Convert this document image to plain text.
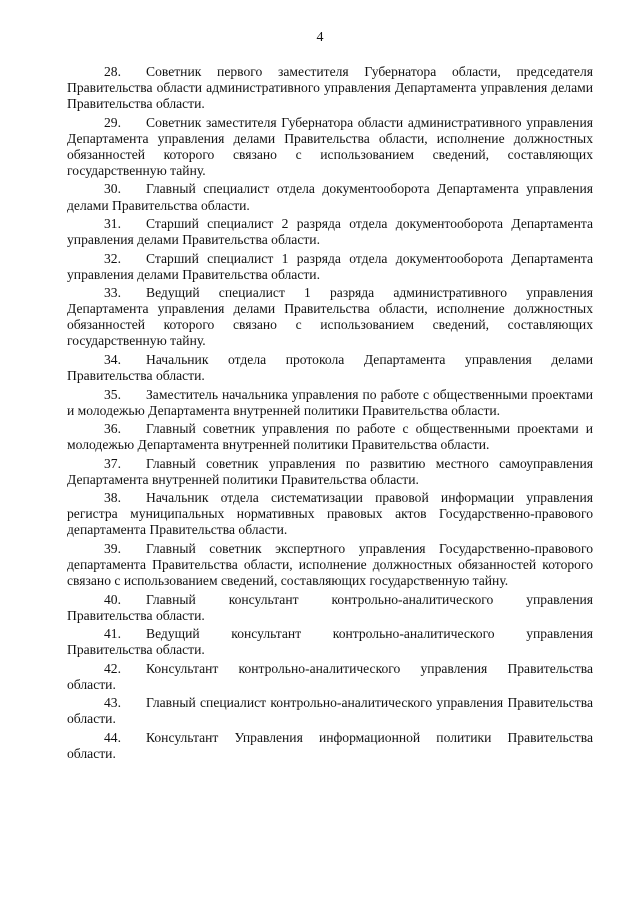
4

28. Советник первого заместителя Губернатора области, председателя Правительства области административного управления Департамента управления делами Правительства области.

29. Советник заместителя Губернатора области административного управления Департамента управления делами Правительства области, исполнение должностных обязанностей которого связано с использованием сведений, составляющих государственную тайну.

30. Главный специалист отдела документооборота Департамента управления делами Правительства области.

31. Старший специалист 2 разряда отдела документооборота Департамента управления делами Правительства области.

32. Старший специалист 1 разряда отдела документооборота Департамента управления делами Правительства области.

33. Ведущий специалист 1 разряда административного управления Департамента управления делами Правительства области, исполнение должностных обязанностей которого связано с использованием сведений, составляющих государственную тайну.

34. Начальник отдела протокола Департамента управления делами Правительства области.

35. Заместитель начальника управления по работе с общественными проектами и молодежью Департамента внутренней политики Правительства области.

36. Главный советник управления по работе с общественными проектами и молодежью Департамента внутренней политики Правительства области.

37. Главный советник управления по развитию местного самоуправления Департамента внутренней политики Правительства области.

38. Начальник отдела систематизации правовой информации управления регистра муниципальных нормативных правовых актов Государственно-правового департамента Правительства области.

39. Главный советник экспертного управления Государственно-правового департамента Правительства области, исполнение должностных обязанностей которого связано с использованием сведений, составляющих государственную тайну.

40. Главный консультант контрольно-аналитического управления Правительства области.

41. Ведущий консультант контрольно-аналитического управления Правительства области.

42. Консультант контрольно-аналитического управления Правительства области.

43. Главный специалист контрольно-аналитического управления Правительства области.

44. Консультант Управления информационной политики Правительства области.
